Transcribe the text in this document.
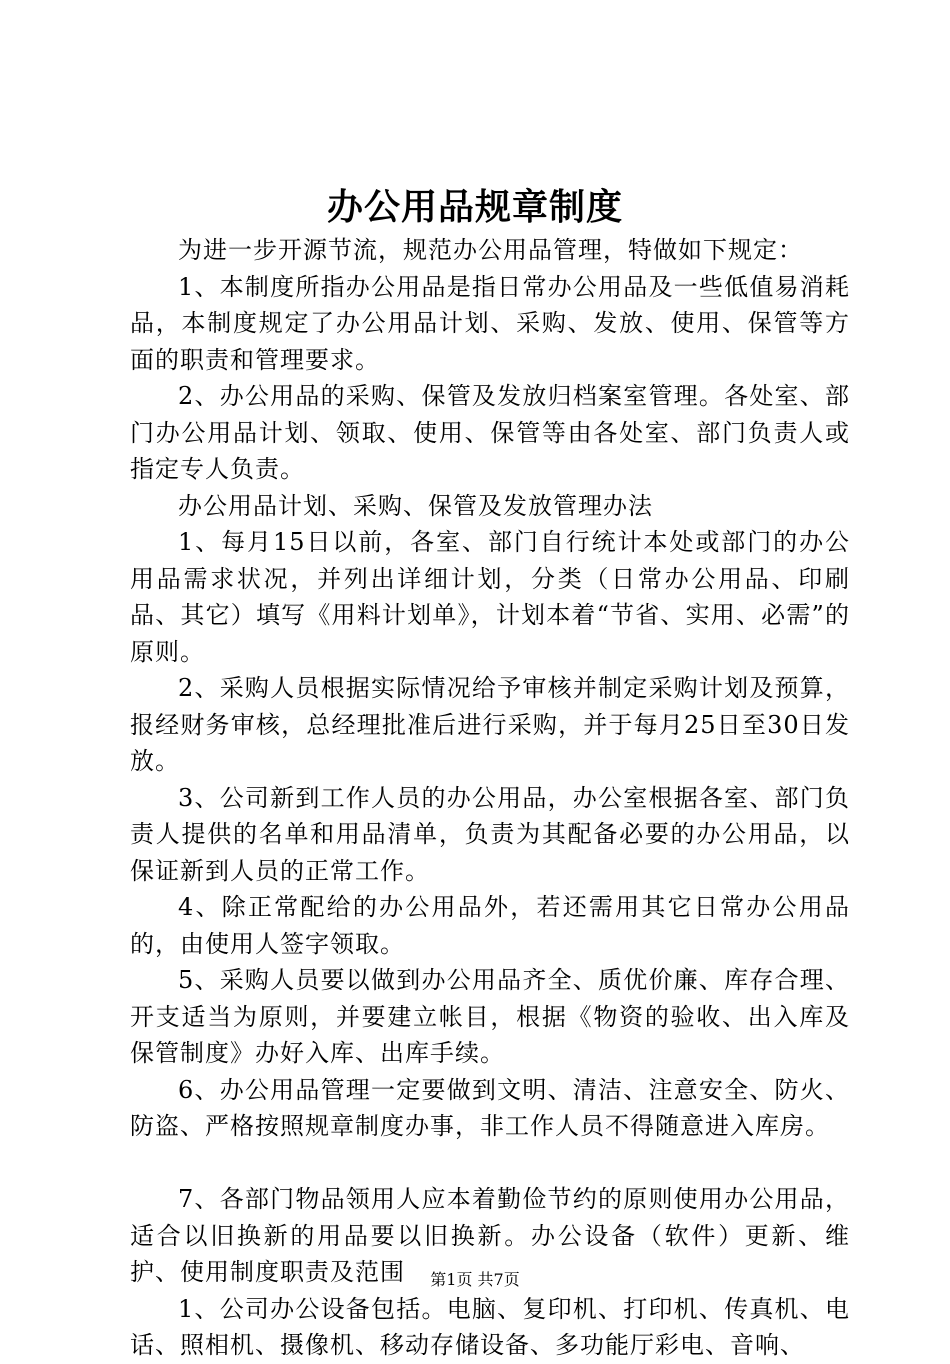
办公用品规章制度

为进一步开源节流，规范办公用品管理，特做如下规定：

1、本制度所指办公用品是指日常办公用品及一些低值易消耗品，本制度规定了办公用品计划、采购、发放、使用、保管等方面的职责和管理要求。

2、办公用品的采购、保管及发放归档案室管理。各处室、部门办公用品计划、领取、使用、保管等由各处室、部门负责人或指定专人负责。

办公用品计划、采购、保管及发放管理办法

1、每月15日以前，各室、部门自行统计本处或部门的办公用品需求状况，并列出详细计划，分类（日常办公用品、印刷品、其它）填写《用料计划单》，计划本着“节省、实用、必需”的原则。

2、采购人员根据实际情况给予审核并制定采购计划及预算，报经财务审核，总经理批准后进行采购，并于每月25日至30日发放。

3、公司新到工作人员的办公用品，办公室根据各室、部门负责人提供的名单和用品清单，负责为其配备必要的办公用品，以保证新到人员的正常工作。

4、除正常配给的办公用品外，若还需用其它日常办公用品的，由使用人签字领取。

5、采购人员要以做到办公用品齐全、质优价廉、库存合理、开支适当为原则，并要建立帐目，根据《物资的验收、出入库及保管制度》办好入库、出库手续。

6、办公用品管理一定要做到文明、清洁、注意安全、防火、防盗、严格按照规章制度办事，非工作人员不得随意进入库房。

7、各部门物品领用人应本着勤俭节约的原则使用办公用品，适合以旧换新的用品要以旧换新。办公设备（软件）更新、维护、使用制度职责及范围

1、公司办公设备包括。电脑、复印机、打印机、传真机、电话、照相机、摄像机、移动存储设备、多功能厅彩电、音响、

第1页 共7页
